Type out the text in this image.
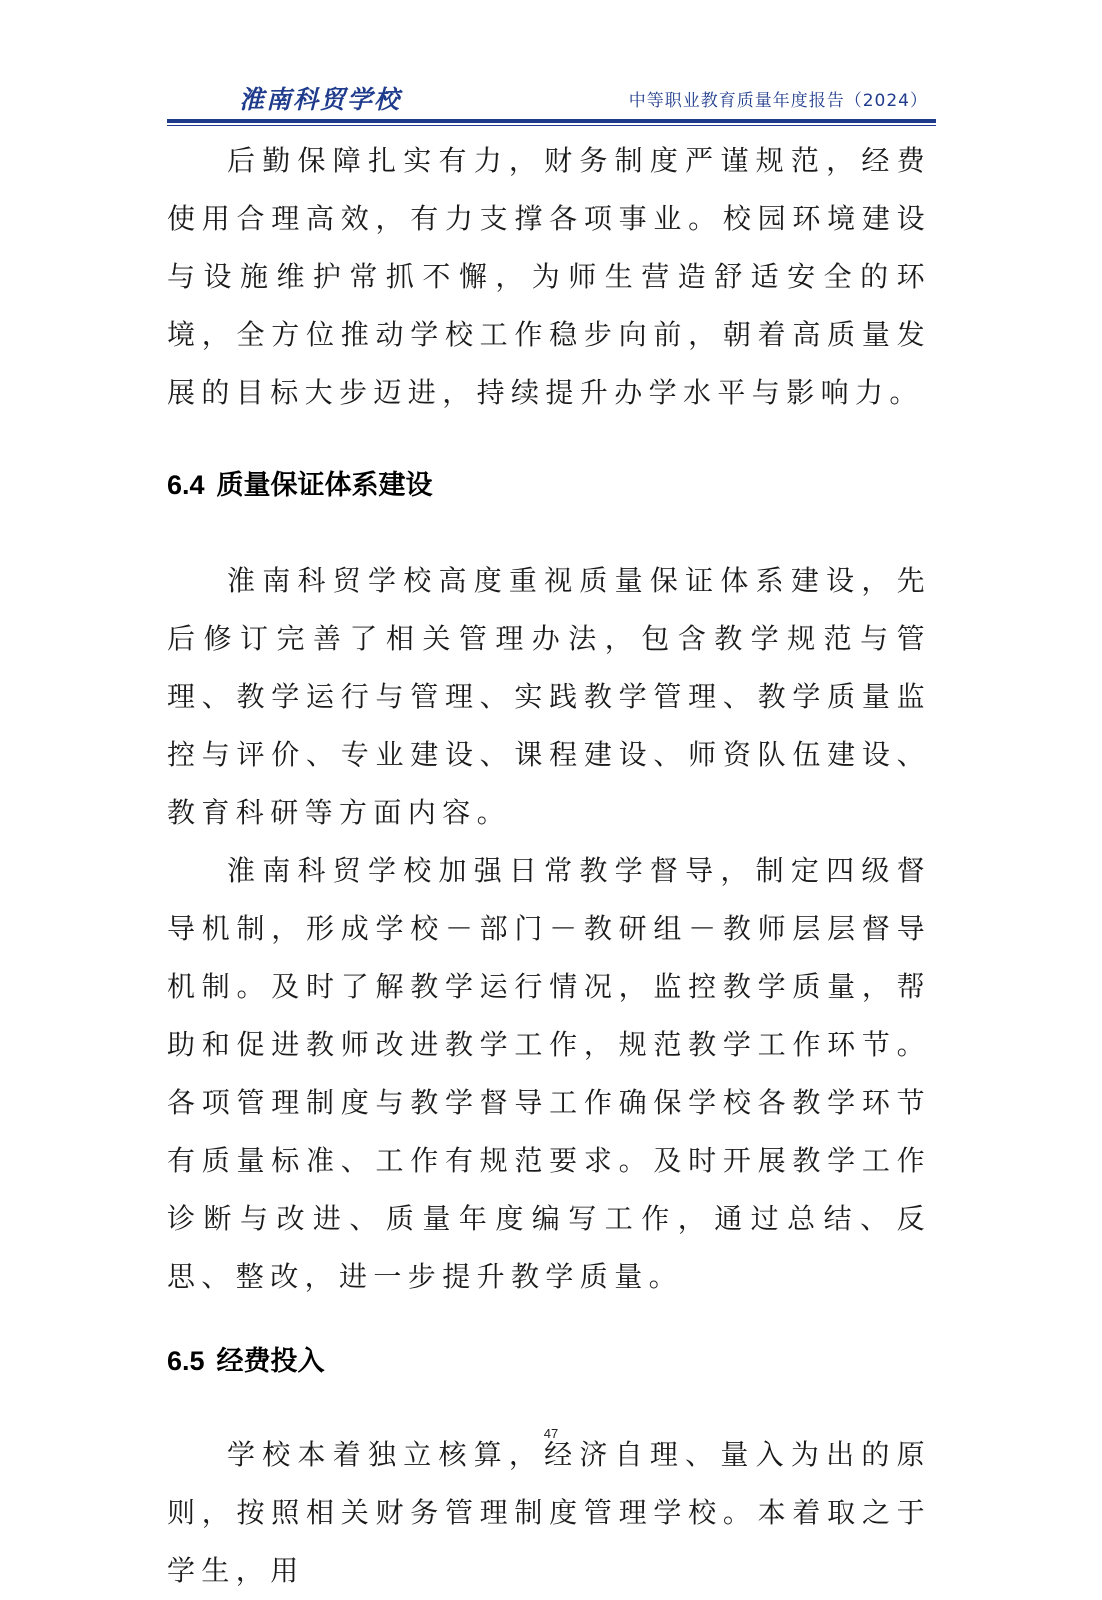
淮南科贸学校	中等职业教育质量年度报告（2024）

后勤保障扎实有力，财务制度严谨规范，经费使用合理高效，有力支撑各项事业。校园环境建设与设施维护常抓不懈，为师生营造舒适安全的环境，全方位推动学校工作稳步向前，朝着高质量发展的目标大步迈进，持续提升办学水平与影响力。

6.4 质量保证体系建设

淮南科贸学校高度重视质量保证体系建设，先后修订完善了相关管理办法，包含教学规范与管理、教学运行与管理、实践教学管理、教学质量监控与评价、专业建设、课程建设、师资队伍建设、教育科研等方面内容。

淮南科贸学校加强日常教学督导，制定四级督导机制，形成学校－部门－教研组－教师层层督导机制。及时了解教学运行情况，监控教学质量，帮助和促进教师改进教学工作，规范教学工作环节。各项管理制度与教学督导工作确保学校各教学环节有质量标准、工作有规范要求。及时开展教学工作诊断与改进、质量年度编写工作，通过总结、反思、整改，进一步提升教学质量。

6.5 经费投入

学校本着独立核算，经济自理、量入为出的原则，按照相关财务管理制度管理学校。本着取之于学生，用

47
